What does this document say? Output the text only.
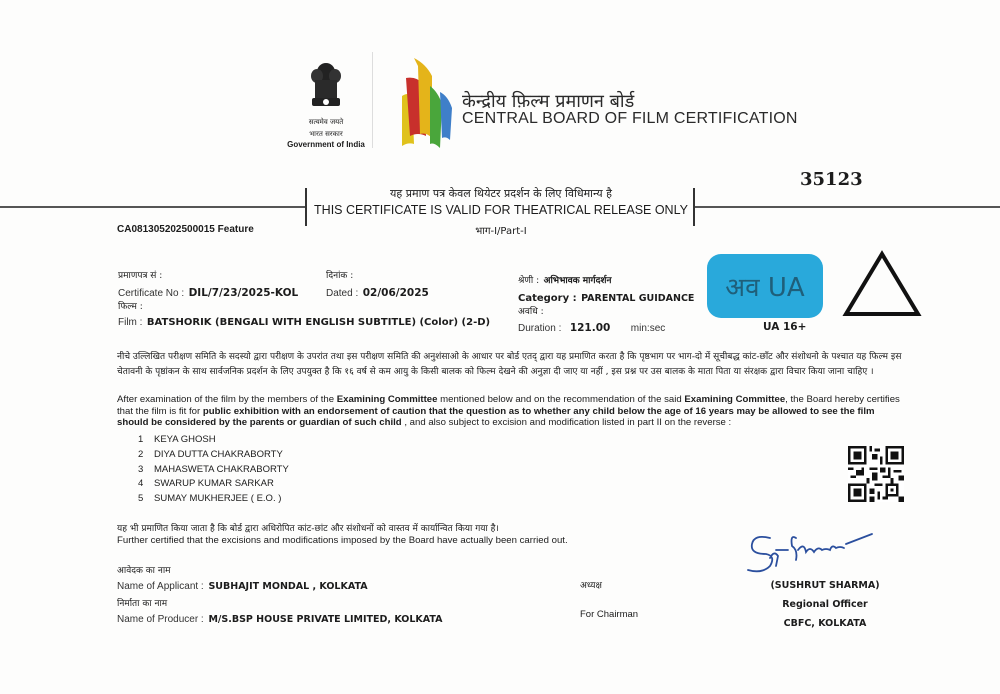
सत्यमेव जयते
भारत सरकार
Government of India
केन्द्रीय फ़िल्म प्रमाणन बोर्ड
CENTRAL BOARD OF FILM CERTIFICATION
35123
यह प्रमाण पत्र केवल थियेटर प्रदर्शन के लिए विधिमान्य है
THIS CERTIFICATE IS VALID FOR THEATRICAL RELEASE ONLY
भाग-I/Part-I
CA081305202500015 Feature
प्रमाणपत्र सं :
Certificate No : DIL/7/23/2025-KOL
दिनांक :
Dated : 02/06/2025
फिल्म :
Film : BATSHORIK (BENGALI WITH ENGLISH SUBTITLE) (Color) (2-D)
श्रेणी : अभिभावक मार्गदर्शन
Category : PARENTAL GUIDANCE
अवधि :
Duration : 121.00 min:sec
अव UA
UA 16+
नीचे उल्लिखित परीक्षण समिति के सदस्यो द्वारा परीक्षण के उपरांत तथा इस परीक्षण समिति की अनुशंसाओ के आधार पर बोर्ड एतद् द्वारा यह प्रमाणित करता है कि पृष्ठभाग पर भाग-दो में सूचीबद्ध कांट-छाँट और संशोधनो के पश्चात यह फिल्म इस चेतावनी के पृष्ठांकन के साथ सार्वजनिक प्रदर्शन के लिए उपयुक्त है कि १६ वर्ष से कम आयु के किसी बालक को फिल्म देखने की अनुज्ञा दी जाए या नहीं , इस प्रश्न पर उस बालक के माता पिता या संरक्षक द्वारा विचार किया जाना चाहिए ।
After examination of the film by the members of the Examining Committee mentioned below and on the recommendation of the said Examining Committee, the Board hereby certifies that the film is fit for public exhibition with an endorsement of caution that the question as to whether any child below the age of 16 years may be allowed to see the film should be considered by the parents or guardian of such child , and also subject to excision and modification listed in part II on the reverse :
1 KEYA GHOSH
2 DIYA DUTTA CHAKRABORTY
3 MAHASWETA CHAKRABORTY
4 SWARUP KUMAR SARKAR
5 SUMAY MUKHERJEE ( E.O. )
यह भी प्रमाणित किया जाता है कि बोर्ड द्वारा अधिरोपित कांट-छांट और संशोधनों को वास्तव में कार्यान्वित किया गया है।
Further certified that the excisions and modifications imposed by the Board have actually been carried out.
आवेदक का नाम
Name of Applicant : SUBHAJIT MONDAL , KOLKATA
निर्माता का नाम
Name of Producer : M/S.BSP HOUSE PRIVATE LIMITED, KOLKATA
अध्यक्ष
For Chairman
(SUSHRUT SHARMA)
Regional Officer
CBFC, KOLKATA
